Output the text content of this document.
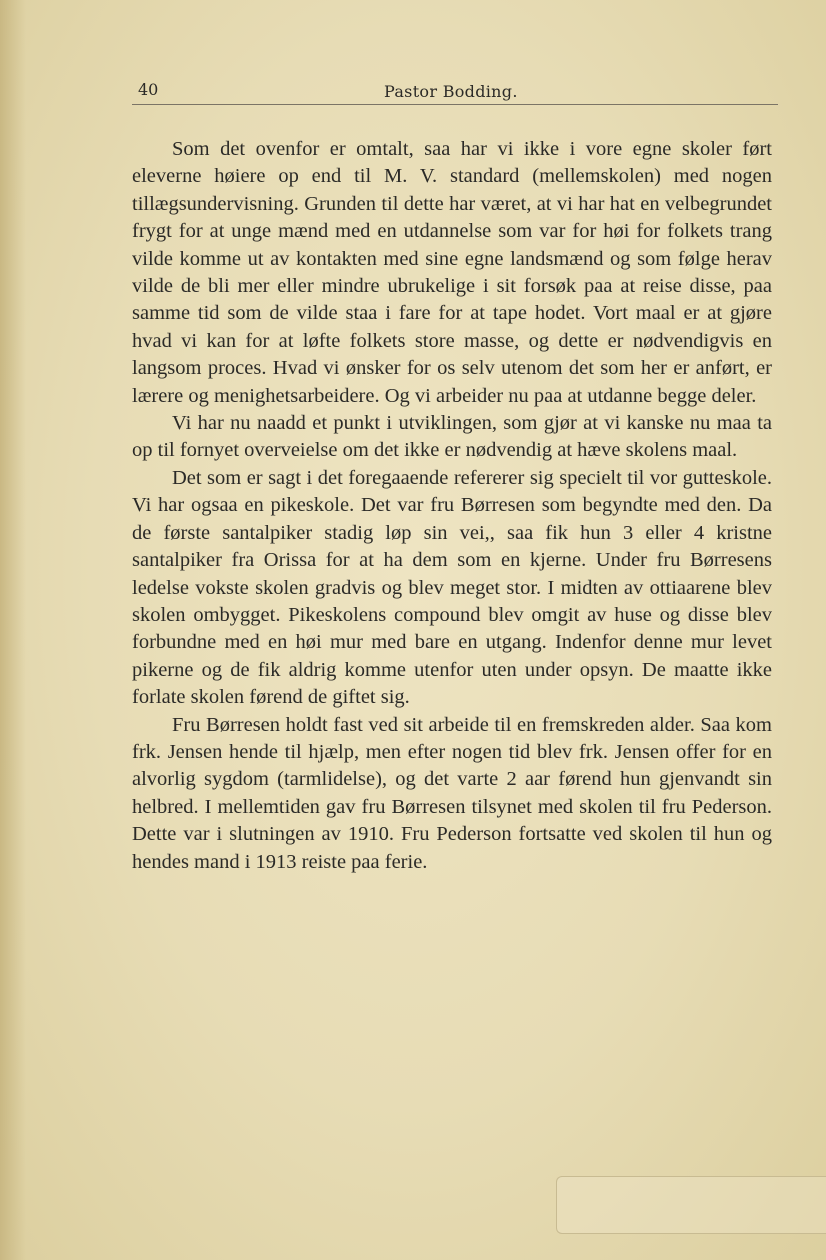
40	Pastor Bodding.

Som det ovenfor er omtalt, saa har vi ikke i vore egne skoler ført eleverne høiere op end til M. V. standard (mellemskolen) med nogen tillægsundervisning. Grunden til dette har været, at vi har hat en velbegrundet frygt for at unge mænd med en utdannelse som var for høi for folkets trang vilde komme ut av kontakten med sine egne landsmænd og som følge herav vilde de bli mer eller mindre ubrukelige i sit forsøk paa at reise disse, paa samme tid som de vilde staa i fare for at tape hodet. Vort maal er at gjøre hvad vi kan for at løfte folkets store masse, og dette er nødvendigvis en langsom proces. Hvad vi ønsker for os selv utenom det som her er anført, er lærere og menighetsarbeidere. Og vi arbeider nu paa at utdanne begge deler.

Vi har nu naadd et punkt i utviklingen, som gjør at vi kanske nu maa ta op til fornyet overveielse om det ikke er nødvendig at hæve skolens maal.

Det som er sagt i det foregaaende refererer sig specielt til vor gutteskole. Vi har ogsaa en pikeskole. Det var fru Børresen som begyndte med den. Da de første santalpiker stadig løp sin vei,, saa fik hun 3 eller 4 kristne santalpiker fra Orissa for at ha dem som en kjerne. Under fru Børresens ledelse vokste skolen gradvis og blev meget stor. I midten av ottiaarene blev skolen ombygget. Pikeskolens compound blev omgit av huse og disse blev forbundne med en høi mur med bare en utgang. Indenfor denne mur levet pikerne og de fik aldrig komme utenfor uten under opsyn. De maatte ikke forlate skolen førend de giftet sig.

Fru Børresen holdt fast ved sit arbeide til en fremskreden alder. Saa kom frk. Jensen hende til hjælp, men efter nogen tid blev frk. Jensen offer for en alvorlig sygdom (tarmlidelse), og det varte 2 aar førend hun gjenvandt sin helbred. I mellemtiden gav fru Børresen tilsynet med skolen til fru Pederson. Dette var i slutningen av 1910. Fru Pederson fortsatte ved skolen til hun og hendes mand i 1913 reiste paa ferie.
